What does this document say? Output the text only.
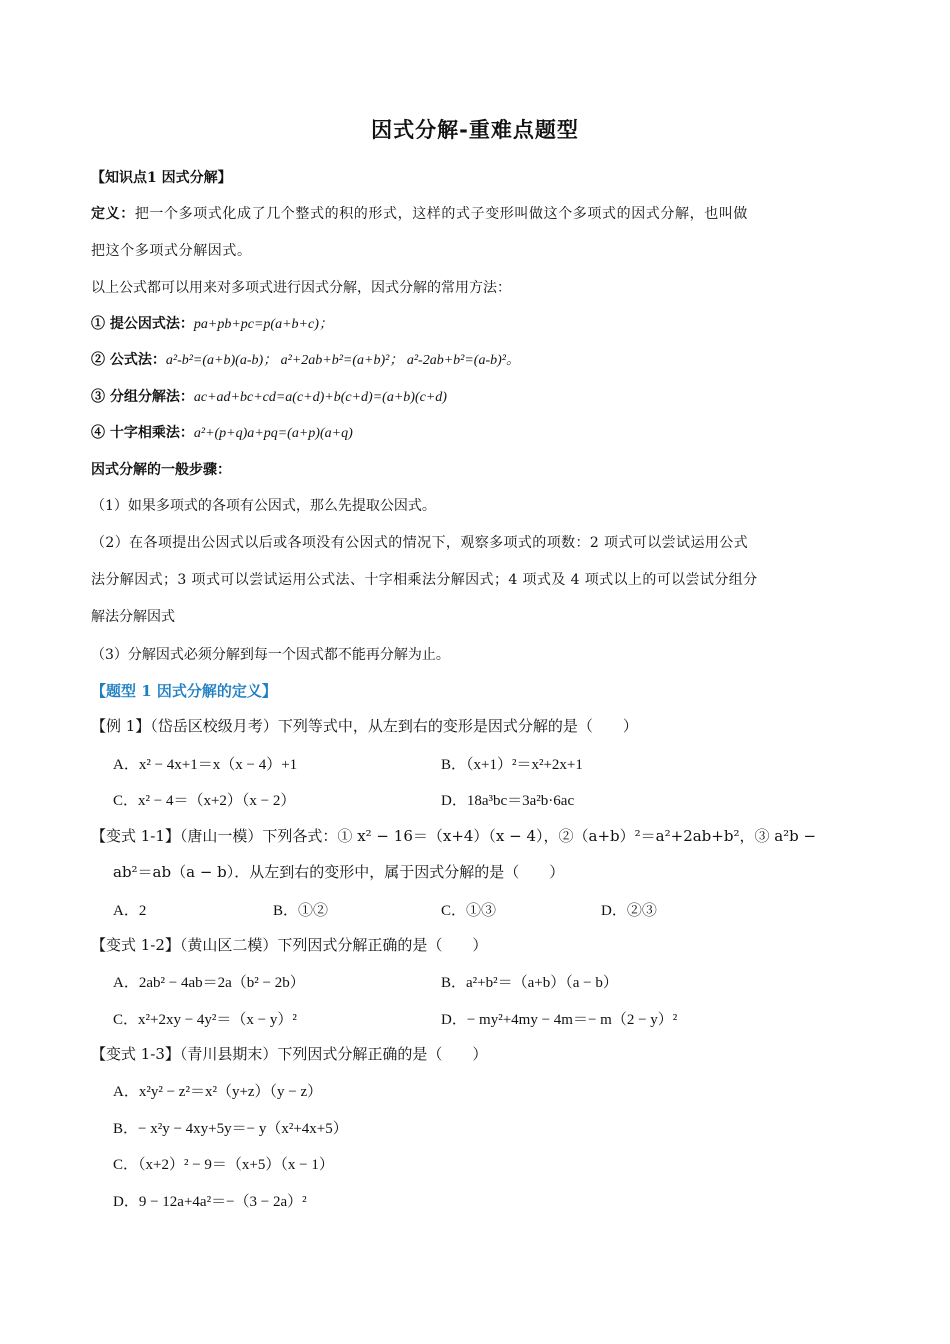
因式分解-重难点题型
【知识点1 因式分解】
定义：把一个多项式化成了几个整式的积的形式，这样的式子变形叫做这个多项式的因式分解，也叫做
把这个多项式分解因式。
以上公式都可以用来对多项式进行因式分解，因式分解的常用方法：
① 提公因式法：pa+pb+pc=p(a+b+c)；
② 公式法：a²-b²=(a+b)(a-b)； a²+2ab+b²=(a+b)²； a²-2ab+b²=(a-b)²。
③ 分组分解法：ac+ad+bc+cd=a(c+d)+b(c+d)=(a+b)(c+d)
④ 十字相乘法：a²+(p+q)a+pq=(a+p)(a+q)
因式分解的一般步骤：
（1）如果多项式的各项有公因式，那么先提取公因式。
（2）在各项提出公因式以后或各项没有公因式的情况下，观察多项式的项数：2 项式可以尝试运用公式
法分解因式；3 项式可以尝试运用公式法、十字相乘法分解因式；4 项式及 4 项式以上的可以尝试分组分
解法分解因式
（3）分解因式必须分解到每一个因式都不能再分解为止。
【题型 1 因式分解的定义】
【例 1】（岱岳区校级月考）下列等式中，从左到右的变形是因式分解的是（　　）
A．x² − 4x+1＝x（x − 4）+1	B．（x+1）²＝x²+2x+1
C．x² − 4＝（x+2）（x − 2）	D．18a³bc＝3a²b·6ac
【变式 1-1】（唐山一模）下列各式：① x² − 16＝（x+4）（x − 4），②（a+b）²＝a²+2ab+b²，③ a²b −
ab²＝ab（a − b）．从左到右的变形中，属于因式分解的是（　　）
A．2	B．①②	C．①③	D．②③
【变式 1-2】（黄山区二模）下列因式分解正确的是（　　）
A．2ab² − 4ab＝2a（b² − 2b）	B．a²+b²＝（a+b）（a − b）
C．x²+2xy − 4y²＝（x − y）²	D．− my²+4my − 4m＝− m（2 − y）²
【变式 1-3】（青川县期末）下列因式分解正确的是（　　）
A．x²y² − z²＝x²（y+z）（y − z）
B．− x²y − 4xy+5y＝− y（x²+4x+5）
C．（x+2）² − 9＝（x+5）（x − 1）
D．9 − 12a+4a²＝−（3 − 2a）²
